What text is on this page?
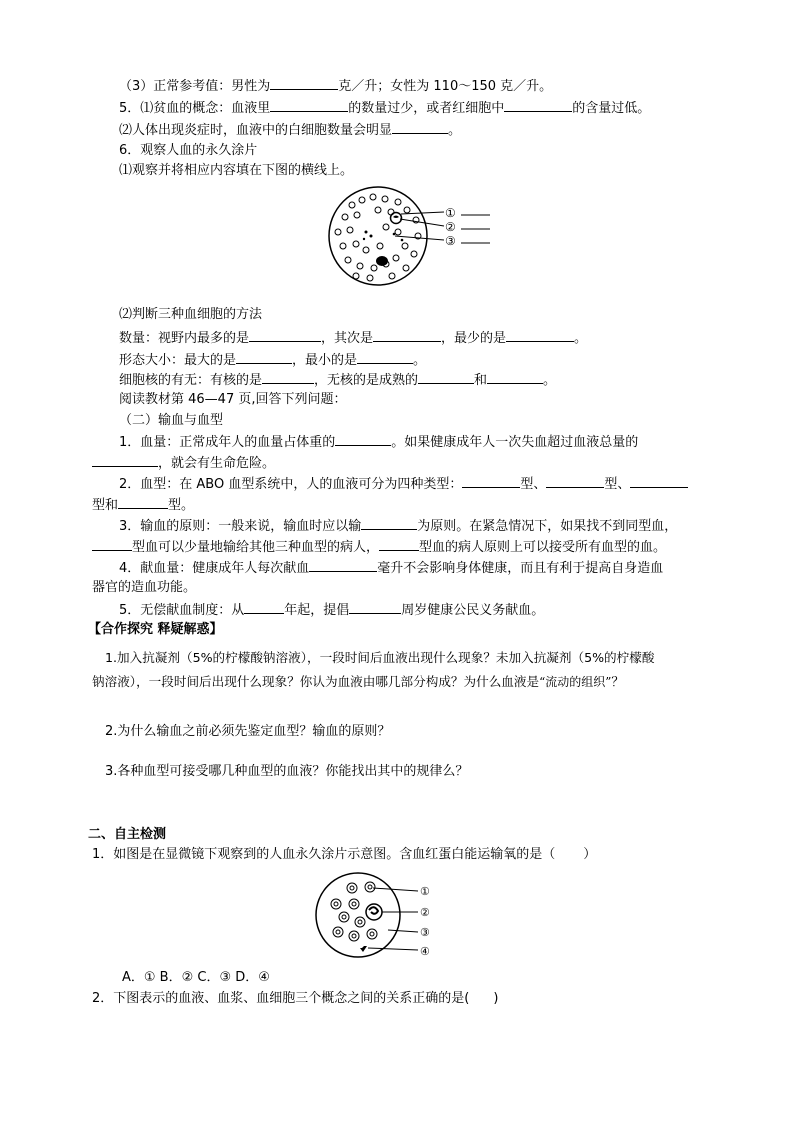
（3）正常参考值：男性为	克／升；女性为 110～150 克／升。
5．⑴贫血的概念：血液里	的数量过少，或者红细胞中	的含量过低。
⑵人体出现炎症时，血液中的白细胞数量会明显	。
6．观察人血的永久涂片
⑴观察并将相应内容填在下图的横线上。
①
②
③
⑵判断三种血细胞的方法
数量：视野内最多的是	，其次是	，最少的是	。
形态大小：最大的是	，最小的是	。
细胞核的有无：有核的是	，无核的是成熟的	和	。
阅读教材第 46—47 页,回答下列问题：
（二）输血与血型
1．血量：正常成年人的血量占体重的	。如果健康成年人一次失血超过血液总量的
，就会有生命危险。
2．血型：在 ABO 血型系统中，人的血液可分为四种类型：	型、	型、
型和	型。
3．输血的原则：一般来说，输血时应以输	为原则。在紧急情况下，如果找不到同型血，
型血可以少量地输给其他三种血型的病人，	型血的病人原则上可以接受所有血型的血。
4．献血量：健康成年人每次献血	毫升不会影响身体健康，而且有利于提高自身造血
器官的造血功能。
5．无偿献血制度：从	年起，提倡	周岁健康公民义务献血。
【合作探究 释疑解惑】
1.加入抗凝剂（5%的柠檬酸钠溶液），一段时间后血液出现什么现象？未加入抗凝剂（5%的柠檬酸
钠溶液），一段时间后出现什么现象？你认为血液由哪几部分构成？为什么血液是“流动的组织”？
2.为什么输血之前必须先鉴定血型？输血的原则？
3.各种血型可接受哪几种血型的血液？你能找出其中的规律么？
二、自主检测
1．如图是在显微镜下观察到的人血永久涂片示意图。含血红蛋白能运输氧的是（ ）
①
②
③
④
A．① B．② C．③ D．④
2．下图表示的血液、血浆、血细胞三个概念之间的关系正确的是( )
